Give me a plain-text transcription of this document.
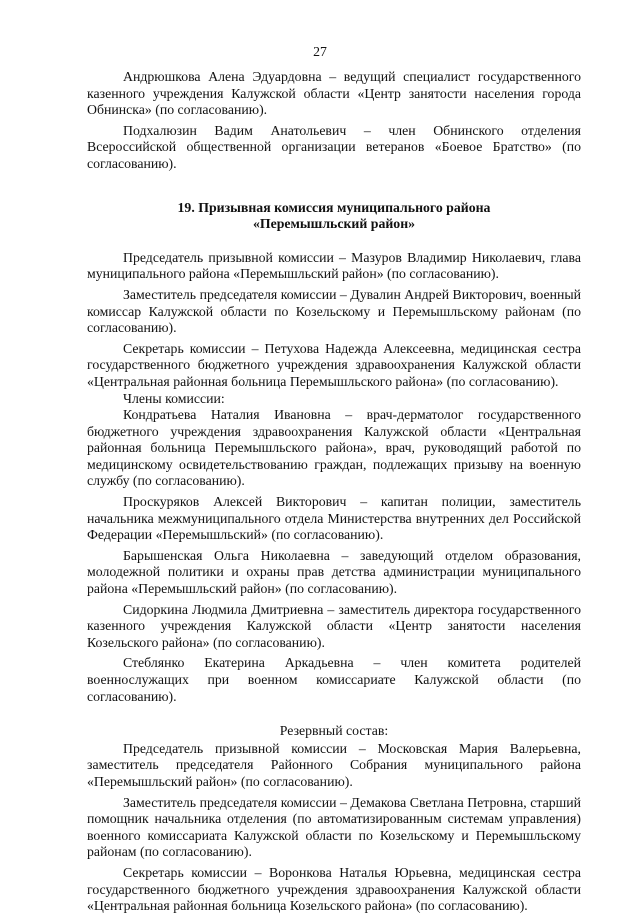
27

Андрюшкова Алена Эдуардовна – ведущий специалист государственного казенного учреждения Калужской области «Центр занятости населения города Обнинска» (по согласованию).

Подхалюзин Вадим Анатольевич – член Обнинского отделения Всероссийской общественной организации ветеранов «Боевое Братство» (по согласованию).

19. Призывная комиссия муниципального района
«Перемышльский район»

Председатель призывной комиссии – Мазуров Владимир Николаевич, глава муниципального района «Перемышльский район» (по согласованию).

Заместитель председателя комиссии – Дувалин Андрей Викторович, военный комиссар Калужской области по Козельскому и Перемышльскому районам (по согласованию).

Секретарь комиссии – Петухова Надежда Алексеевна, медицинская сестра государственного бюджетного учреждения здравоохранения Калужской области «Центральная районная больница Перемышльского района» (по согласованию).

Члены комиссии:

Кондратьева Наталия Ивановна – врач-дерматолог государственного бюджетного учреждения здравоохранения Калужской области «Центральная районная больница Перемышльского района», врач, руководящий работой по медицинскому освидетельствованию граждан, подлежащих призыву на военную службу (по согласованию).

Проскуряков Алексей Викторович – капитан полиции, заместитель начальника межмуниципального отдела Министерства внутренних дел Российской Федерации «Перемышльский» (по согласованию).

Барышенская Ольга Николаевна – заведующий отделом образования, молодежной политики и охраны прав детства администрации муниципального района «Перемышльский район» (по согласованию).

Сидоркина Людмила Дмитриевна – заместитель директора государственного казенного учреждения Калужской области «Центр занятости населения Козельского района» (по согласованию).

Стеблянко Екатерина Аркадьевна – член комитета родителей военнослужащих при военном комиссариате Калужской области (по согласованию).

Резервный состав:

Председатель призывной комиссии – Московская Мария Валерьевна, заместитель председателя Районного Собрания муниципального района «Перемышльский район» (по согласованию).

Заместитель председателя комиссии – Демакова Светлана Петровна, старший помощник начальника отделения (по автоматизированным системам управления) военного комиссариата Калужской области по Козельскому и Перемышльскому районам (по согласованию).

Секретарь комиссии – Воронкова Наталья Юрьевна, медицинская сестра государственного бюджетного учреждения здравоохранения Калужской области «Центральная районная больница Козельского района» (по согласованию).
